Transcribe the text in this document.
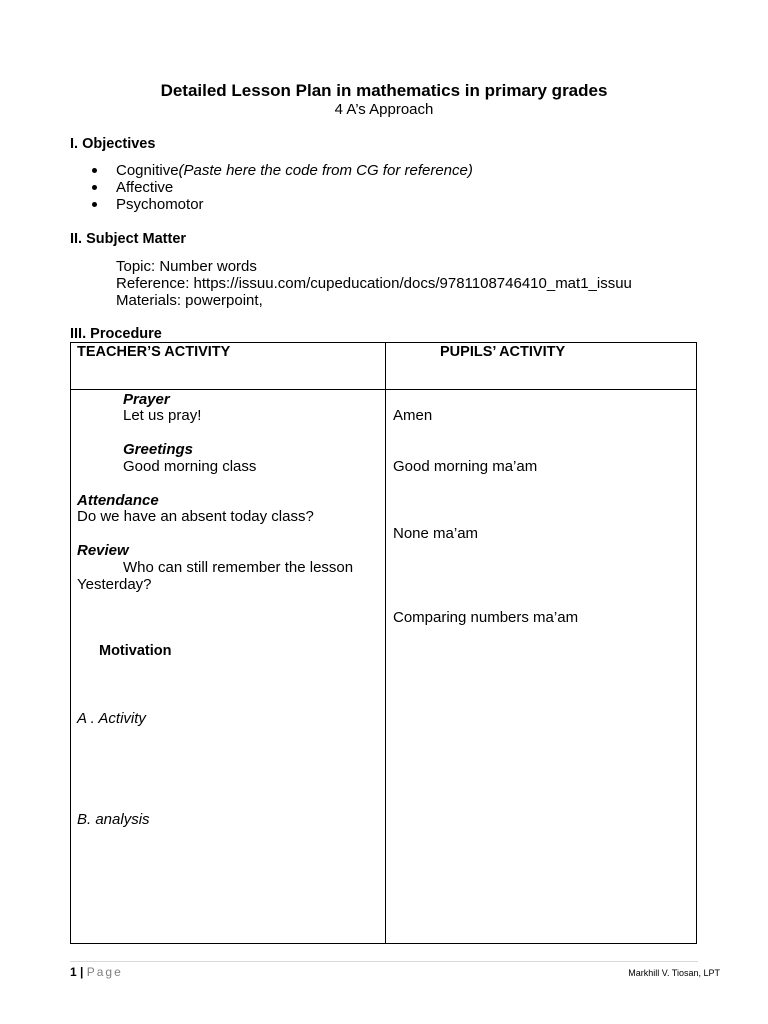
Detailed Lesson Plan in mathematics in primary grades
4 A’s Approach
I. Objectives
Cognitive (Paste here the code from CG for reference)
Affective
Psychomotor
II. Subject Matter
Topic: Number words
Reference: https://issuu.com/cupeducation/docs/9781108746410_mat1_issuu
Materials: powerpoint,
III. Procedure
TEACHER’S ACTIVITY	PUPILS’ ACTIVITY
Prayer
Let us pray!
Greetings
Good morning class
Attendance
Do we have an absent today class?
Review
Who can still remember the lesson
Yesterday?
Motivation
A . Activity
B. analysis
Amen
Good morning ma’am
None ma’am
Comparing numbers ma’am
1 | Page	Markhill V. Tiosan, LPT
